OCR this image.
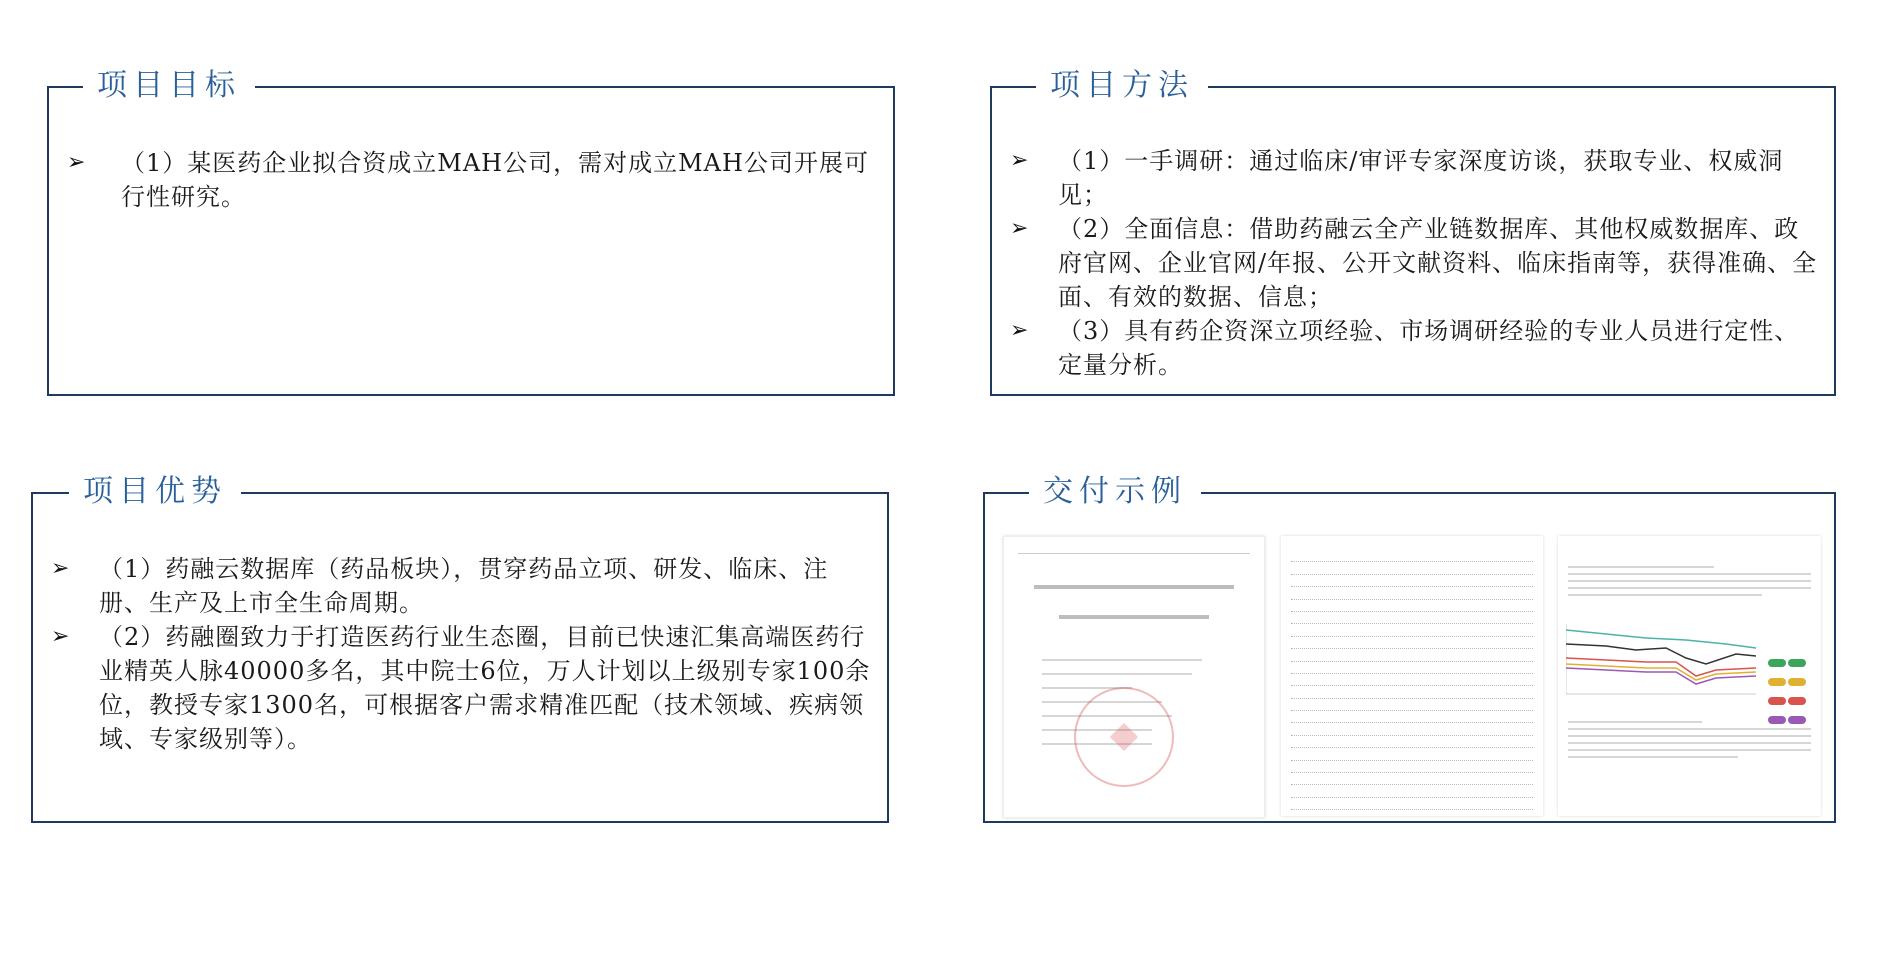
项目目标
➢ （1）某医药企业拟合资成立MAH公司，需对成立MAH公司开展可行性研究。
项目方法
➢ （1）一手调研：通过临床/审评专家深度访谈，获取专业、权威洞见；
➢ （2）全面信息：借助药融云全产业链数据库、其他权威数据库、政府官网、企业官网/年报、公开文献资料、临床指南等，获得准确、全面、有效的数据、信息；
➢ （3）具有药企资深立项经验、市场调研经验的专业人员进行定性、定量分析。
项目优势
➢ （1）药融云数据库（药品板块），贯穿药品立项、研发、临床、注册、生产及上市全生命周期。
➢ （2）药融圈致力于打造医药行业生态圈，目前已快速汇集高端医药行业精英人脉40000多名，其中院士6位，万人计划以上级别专家100余位，教授专家1300名，可根据客户需求精准匹配（技术领域、疾病领域、专家级别等）。
交付示例
